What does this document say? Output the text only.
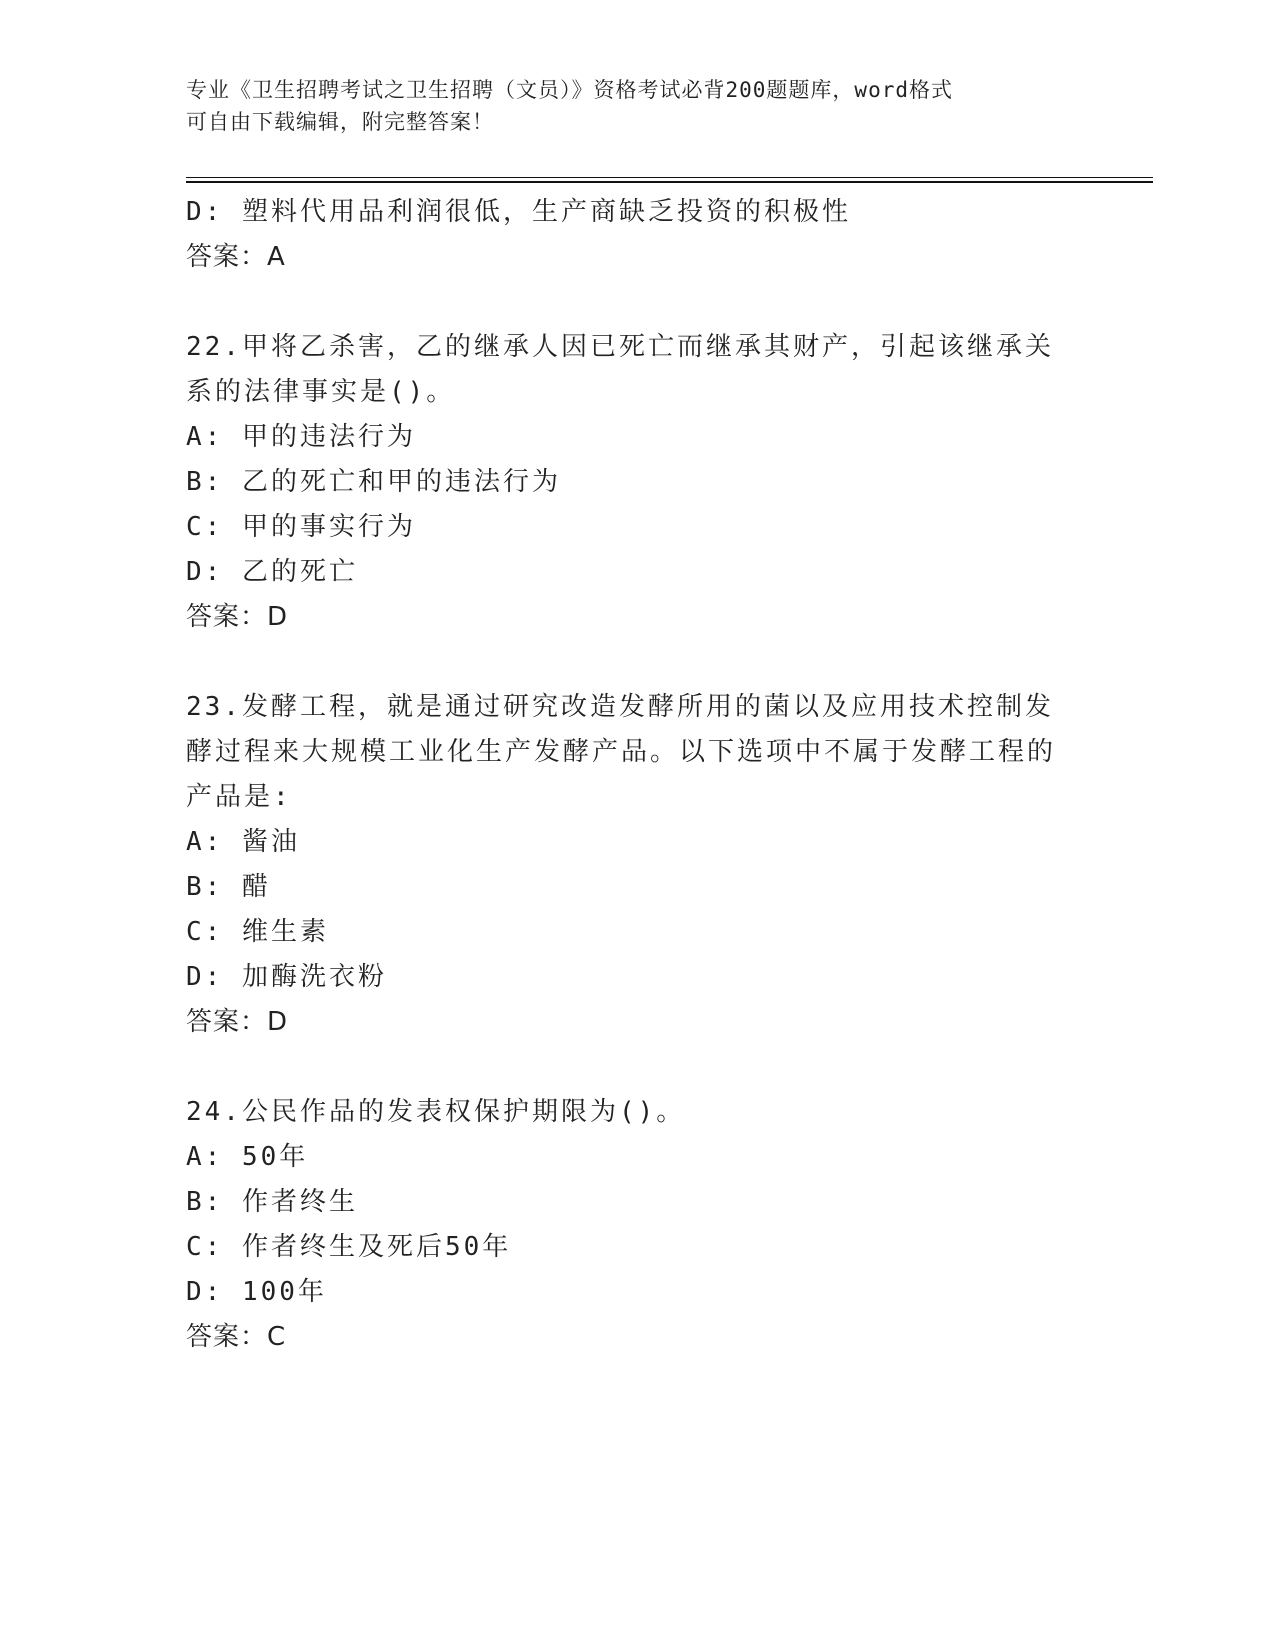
专业《卫生招聘考试之卫生招聘（文员）》资格考试必背200题题库，word格式
可自由下载编辑，附完整答案！
D: 塑料代用品利润很低，生产商缺乏投资的积极性
答案：A
22.甲将乙杀害，乙的继承人因已死亡而继承其财产，引起该继承关系的法律事实是()。
A: 甲的违法行为
B: 乙的死亡和甲的违法行为
C: 甲的事实行为
D: 乙的死亡
答案：D
23.发酵工程，就是通过研究改造发酵所用的菌以及应用技术控制发酵过程来大规模工业化生产发酵产品。以下选项中不属于发酵工程的产品是:
A: 酱油
B: 醋
C: 维生素
D: 加酶洗衣粉
答案：D
24.公民作品的发表权保护期限为()。
A: 50年
B: 作者终生
C: 作者终生及死后50年
D: 100年
答案：C
